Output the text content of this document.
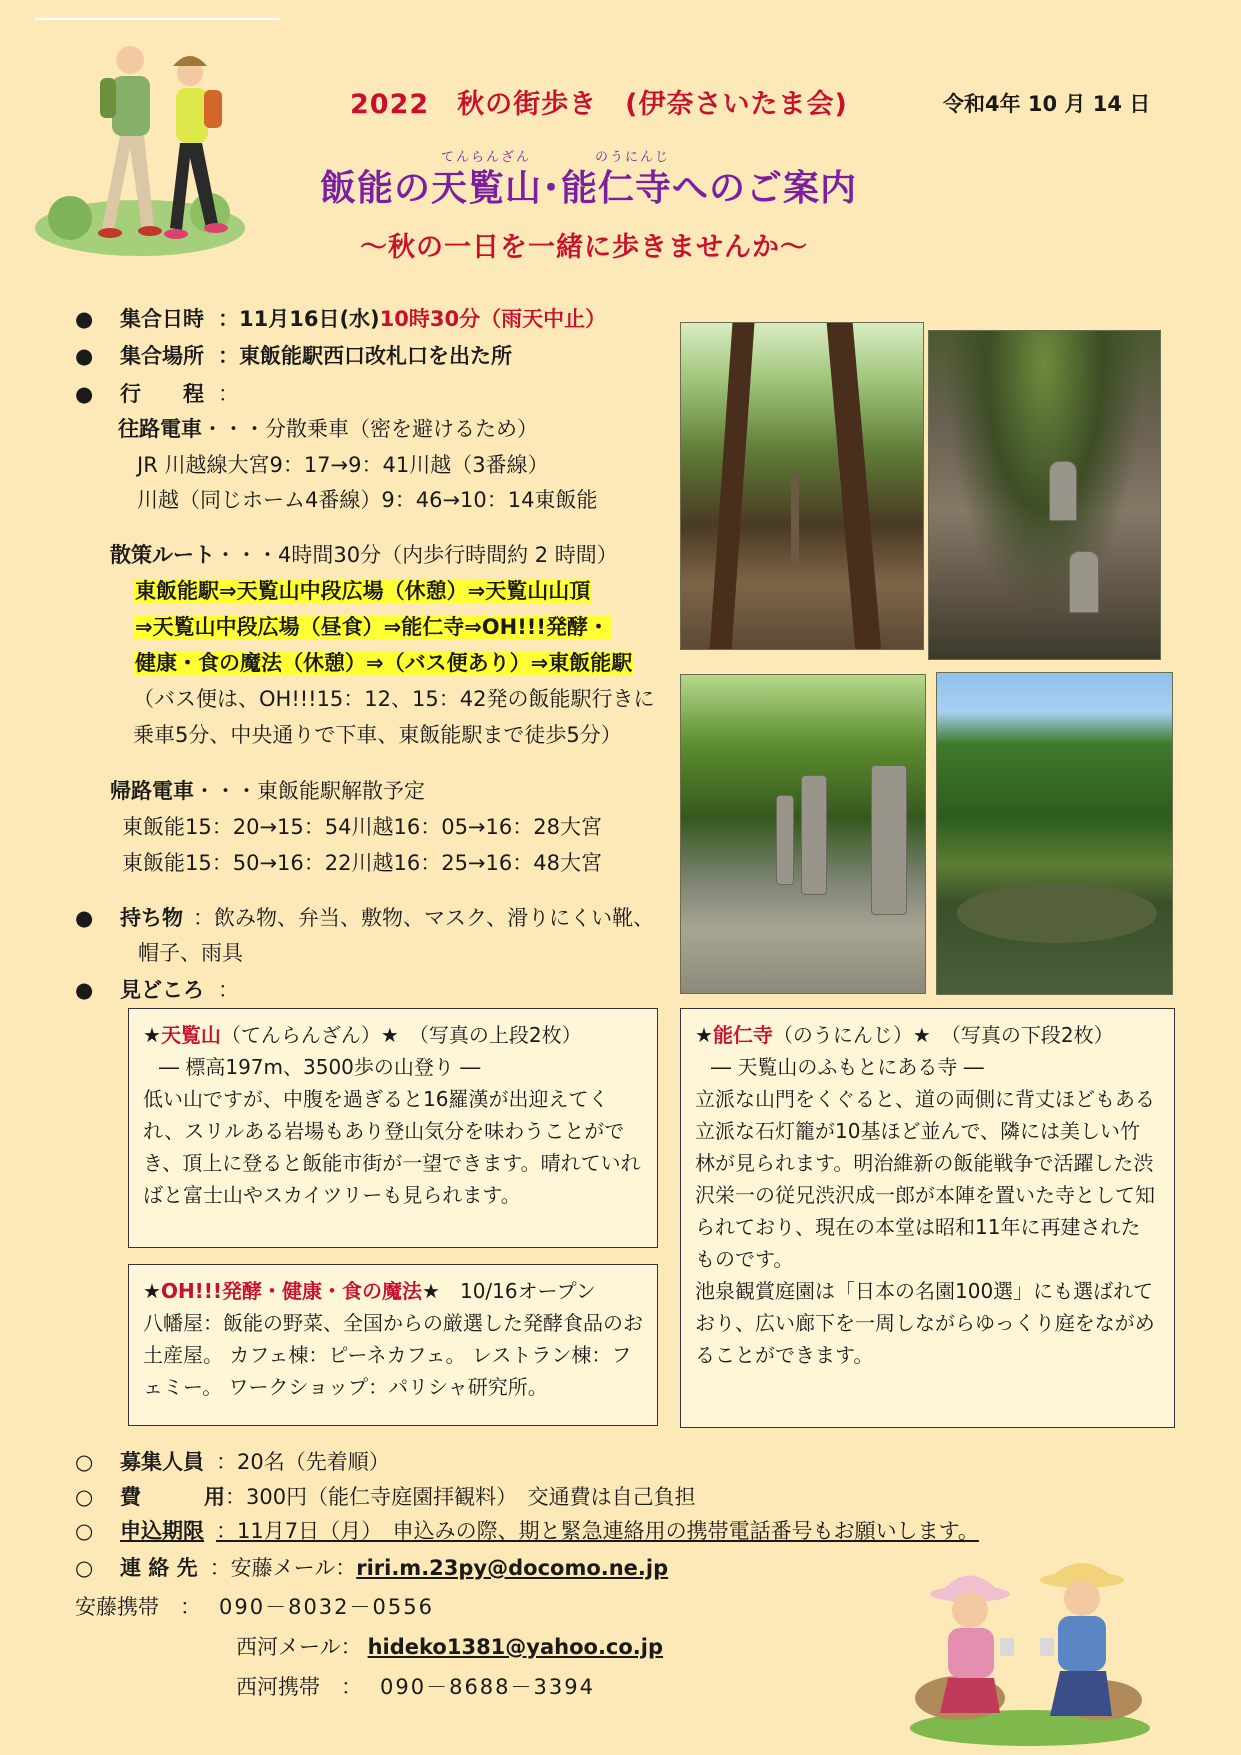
2022　秋の街歩き　(伊奈さいたま会)	令和4年 10 月 14 日
てんらんざん	のうにんじ
飯能の天覧山･能仁寺へのご案内
～秋の一日を一緒に歩きませんか～
● 集合日時 ：11月16日(水)10時30分（雨天中止）
● 集合場所 ：東飯能駅西口改札口を出た所
● 行　　程 ：
往路電車・・・分散乗車（密を避けるため）
JR 川越線大宮9：17→9：41川越（3番線）
川越（同じホーム4番線）9：46→10：14東飯能
散策ルート・・・4時間30分（内歩行時間約 2 時間）
東飯能駅⇒天覧山中段広場（休憩）⇒天覧山山頂
⇒天覧山中段広場（昼食）⇒能仁寺⇒OH!!!発酵・
健康・食の魔法（休憩）⇒（バス便あり）⇒東飯能駅
（バス便は、OH!!!15：12、15：42発の飯能駅行きに
乗車5分、中央通りで下車、東飯能駅まで徒歩5分）
帰路電車・・・東飯能駅解散予定
東飯能15：20→15：54川越16：05→16：28大宮
東飯能15：50→16：22川越16：25→16：48大宮
● 持ち物 ：飲み物、弁当、敷物、マスク、滑りにくい靴、
帽子、雨具
● 見どころ ：
★天覧山（てんらんざん）★　（写真の上段2枚）
― 標高197m、3500歩の山登り ―
低い山ですが、中腹を過ぎると16羅漢が出迎えてくれ、スリルある岩場もあり登山気分を味わうことができ、頂上に登ると飯能市街が一望できます。晴れていればと富士山やスカイツリーも見られます。
★能仁寺（のうにんじ）★　（写真の下段2枚）
― 天覧山のふもとにある寺 ―
立派な山門をくぐると、道の両側に背丈ほどもある立派な石灯籠が10基ほど並んで、隣には美しい竹林が見られます。明治維新の飯能戦争で活躍した渋沢栄一の従兄渋沢成一郎が本陣を置いた寺として知られており、現在の本堂は昭和11年に再建されたものです。
池泉観賞庭園は「日本の名園100選」にも選ばれており、広い廊下を一周しながらゆっくり庭をながめることができます。
★OH!!!発酵・健康・食の魔法★　10/16オープン
八幡屋：飯能の野菜、全国からの厳選した発酵食品のお土産屋。 カフェ棟：ピーネカフェ。 レストラン棟：フェミー。 ワークショップ：パリシャ研究所。
○ 募集人員 ：20名（先着順）
○ 費　　　用：300円（能仁寺庭園拝観料）　交通費は自己負担
○ 申込期限 ：11月7日（月）　申込みの際、期と緊急連絡用の携帯電話番号もお願いします。
○ 連 絡 先 ：安藤メール：riri.m.23py@docomo.ne.jp
安藤携帯　： 090－8032－0556
西河メール： hideko1381@yahoo.co.jp
西河携帯　： 090－8688－3394
